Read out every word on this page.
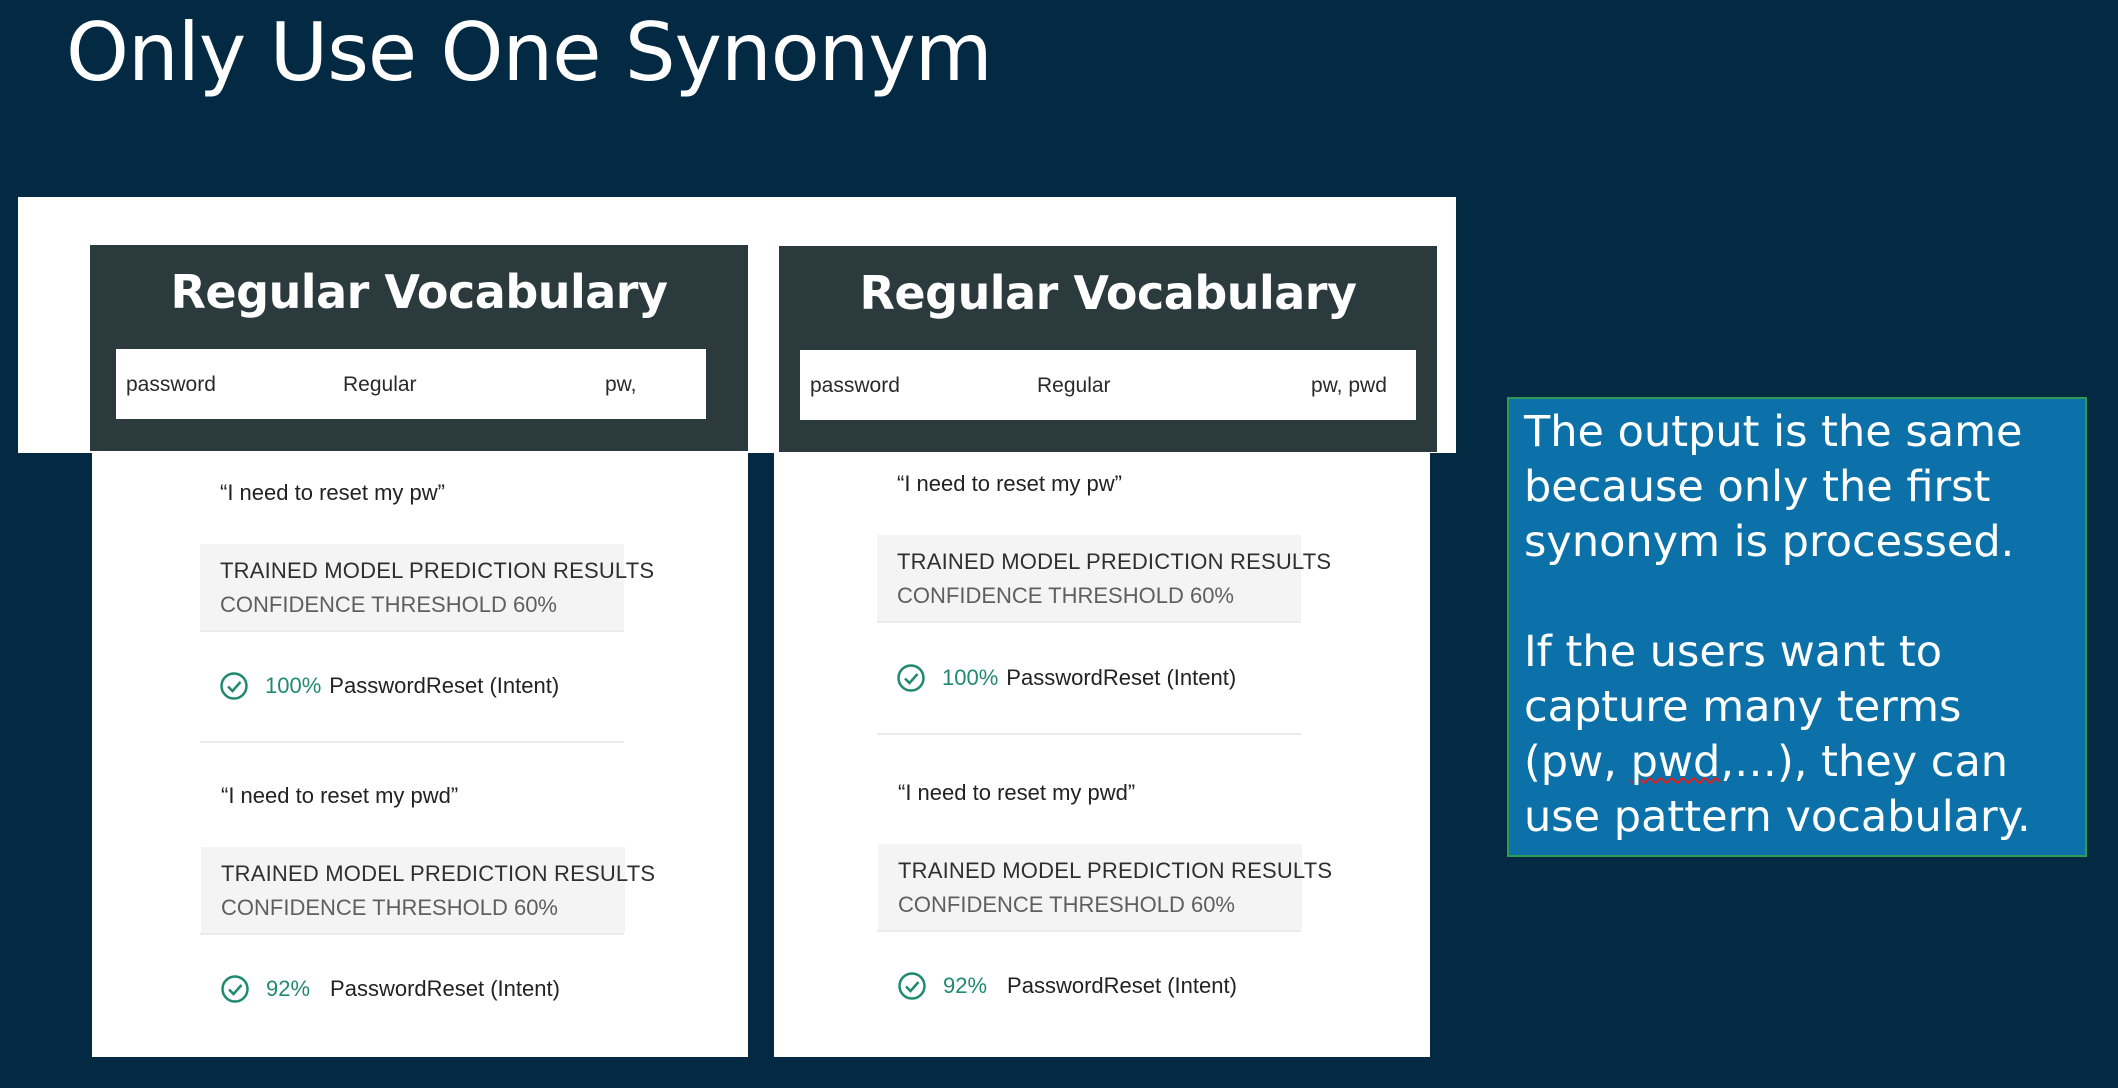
Only Use One Synonym
Regular Vocabulary
password	Regular	pw,
“I need to reset my pw”
TRAINED MODEL PREDICTION RESULTS
CONFIDENCE THRESHOLD 60%
100% PasswordReset (Intent)
“I need to reset my pwd”
TRAINED MODEL PREDICTION RESULTS
CONFIDENCE THRESHOLD 60%
92% PasswordReset (Intent)
Regular Vocabulary
password	Regular	pw, pwd
“I need to reset my pw”
TRAINED MODEL PREDICTION RESULTS
CONFIDENCE THRESHOLD 60%
100% PasswordReset (Intent)
“I need to reset my pwd”
TRAINED MODEL PREDICTION RESULTS
CONFIDENCE THRESHOLD 60%
92% PasswordReset (Intent)

The output is the same

because only the first

synonym is processed.

If the users want to

capture many terms

(pw, pwd,…), they can

use pattern vocabulary.
